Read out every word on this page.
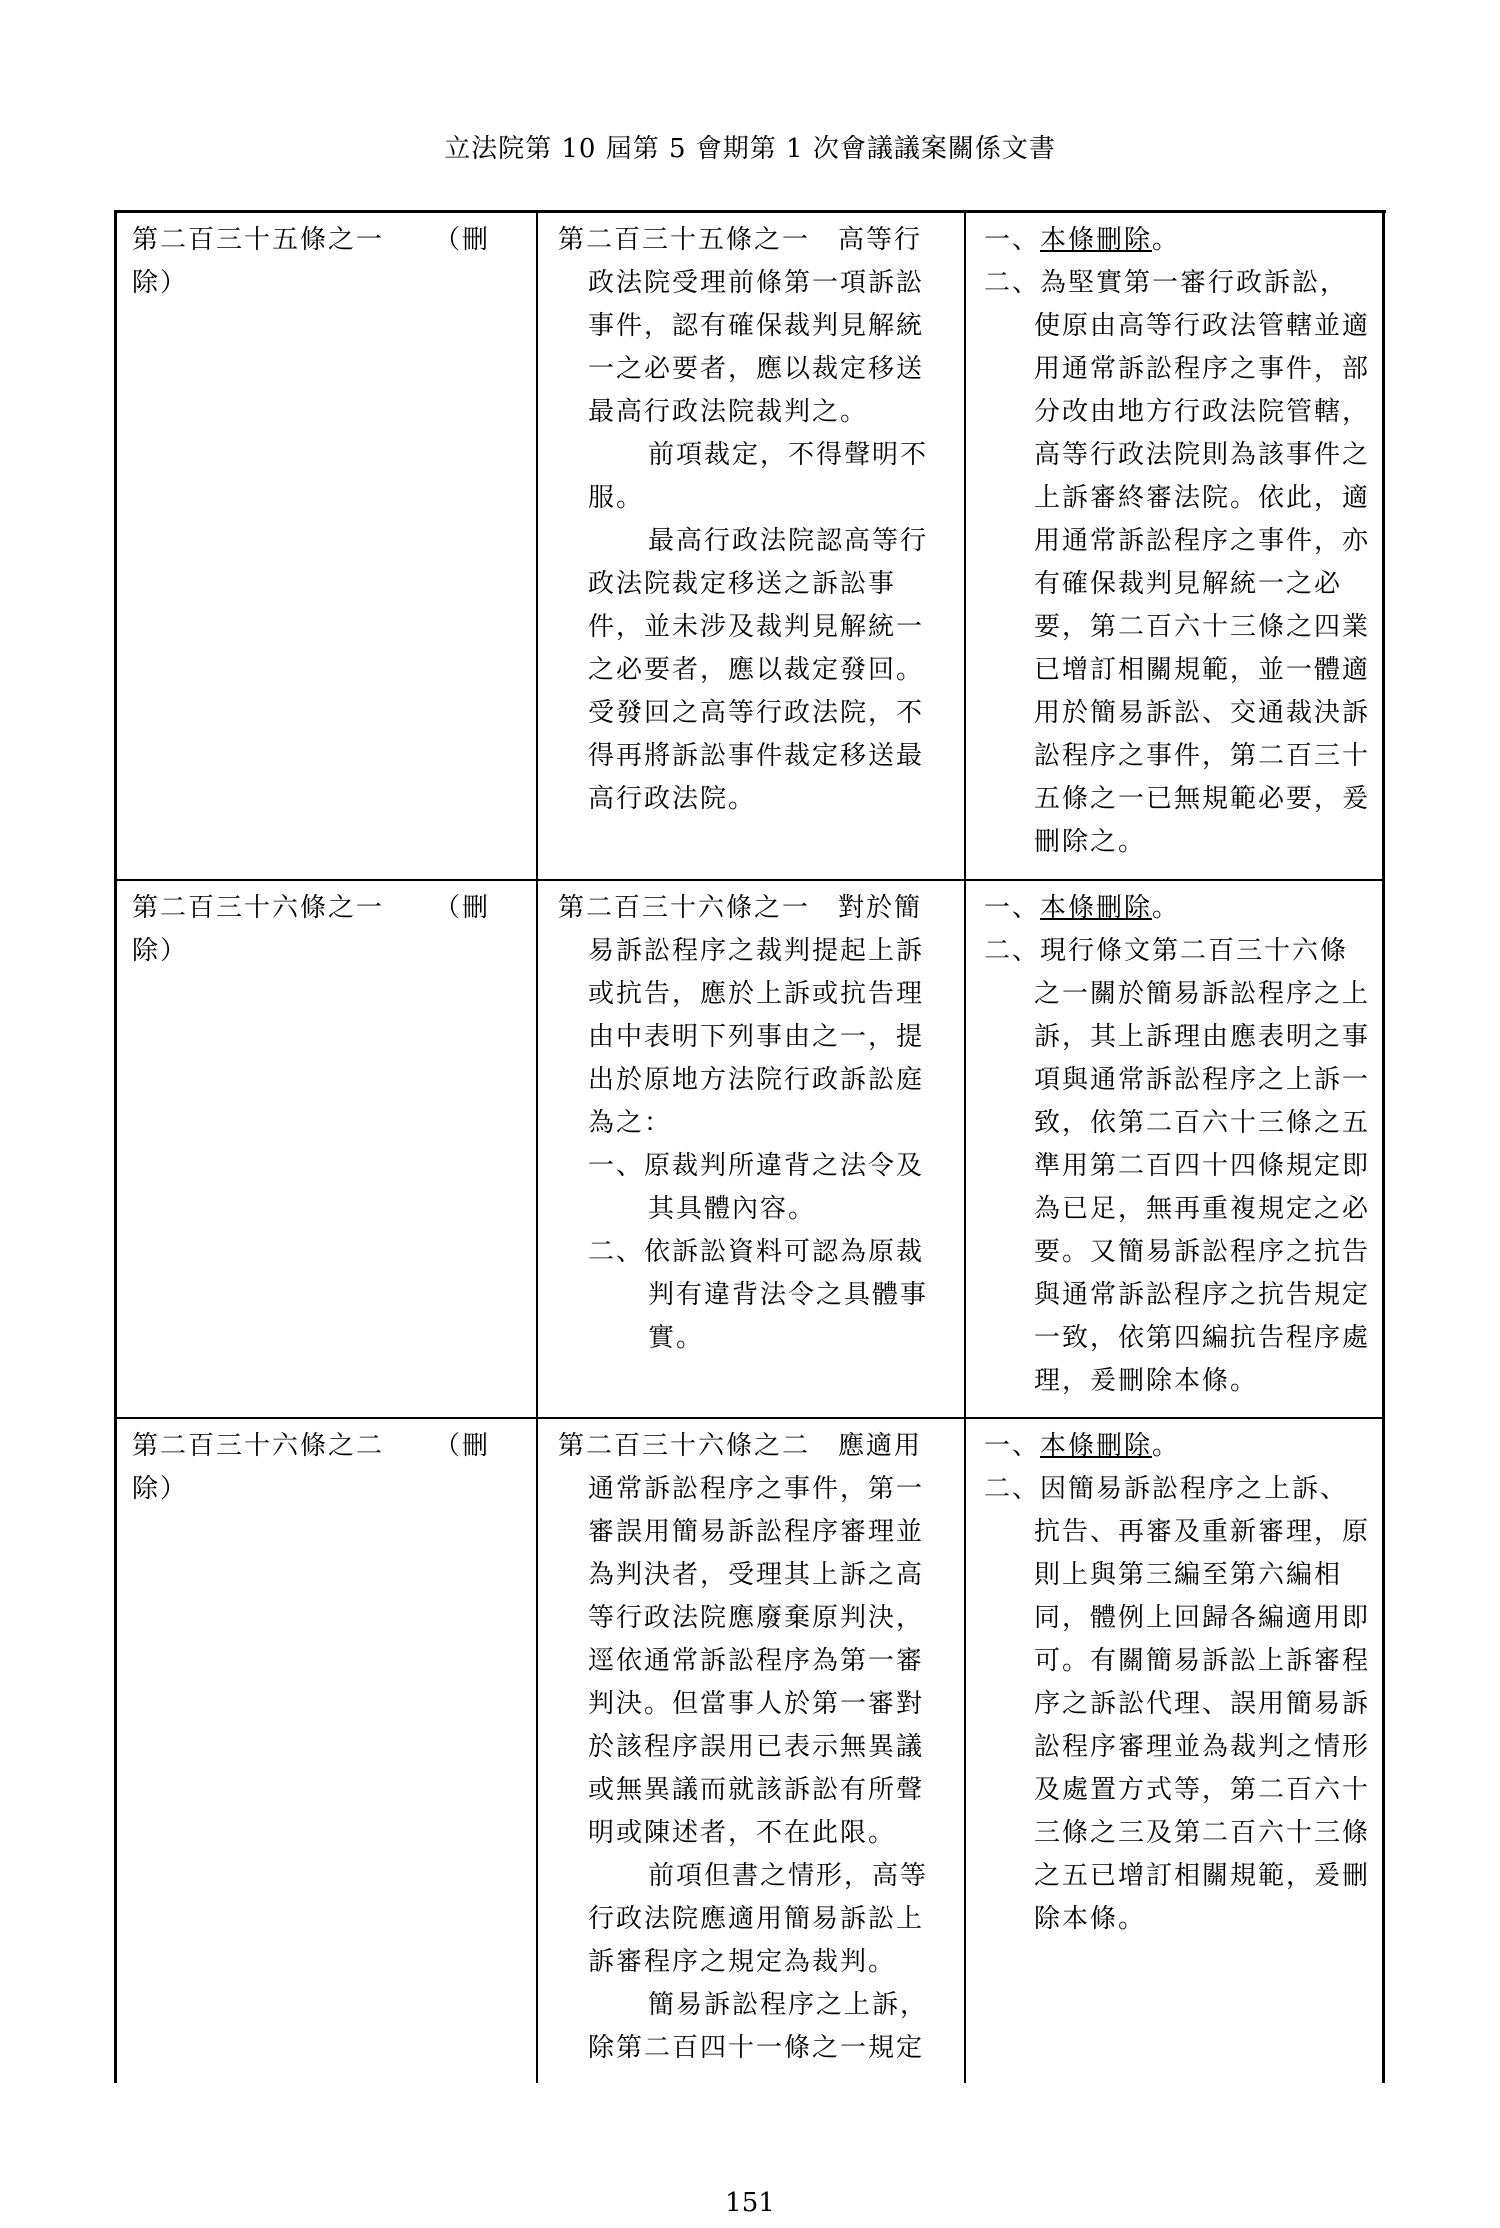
立法院第 10 屆第 5 會期第 1 次會議議案關係文書
第二百三十五條之一 （刪除）

第二百三十五條之一　高等行

政法院受理前條第一項訴訟事件，認有確保裁判見解統一之必要者，應以裁定移送最高行政法院裁判之。

前項裁定，不得聲明不服。

最高行政法院認高等行政法院裁定移送之訴訟事件，並未涉及裁判見解統一之必要者，應以裁定發回。受發回之高等行政法院，不得再將訴訟事件裁定移送最高行政法院。

一、本條刪除。

二、為堅實第一審行政訴訟，使原由高等行政法管轄並適用通常訴訟程序之事件，部分改由地方行政法院管轄，高等行政法院則為該事件之上訴審終審法院。依此，適用通常訴訟程序之事件，亦有確保裁判見解統一之必要，第二百六十三條之四業已增訂相關規範，並一體適用於簡易訴訟、交通裁決訴訟程序之事件，第二百三十五條之一已無規範必要，爰刪除之。

第二百三十六條之一 （刪除）

第二百三十六條之一　對於簡

易訴訟程序之裁判提起上訴或抗告，應於上訴或抗告理由中表明下列事由之一，提出於原地方法院行政訴訟庭為之：

一、原裁判所違背之法令及其具體內容。

二、依訴訟資料可認為原裁判有違背法令之具體事實。

一、本條刪除。

二、現行條文第二百三十六條之一關於簡易訴訟程序之上訴，其上訴理由應表明之事項與通常訴訟程序之上訴一致，依第二百六十三條之五準用第二百四十四條規定即為已足，無再重複規定之必要。又簡易訴訟程序之抗告與通常訴訟程序之抗告規定一致，依第四編抗告程序處理，爰刪除本條。

第二百三十六條之二 （刪除）

第二百三十六條之二　應適用

通常訴訟程序之事件，第一審誤用簡易訴訟程序審理並為判決者，受理其上訴之高等行政法院應廢棄原判決，逕依通常訴訟程序為第一審判決。但當事人於第一審對於該程序誤用已表示無異議或無異議而就該訴訟有所聲明或陳述者，不在此限。

前項但書之情形，高等行政法院應適用簡易訴訟上訴審程序之規定為裁判。

簡易訴訟程序之上訴，除第二百四十一條之一規定

一、本條刪除。

二、因簡易訴訟程序之上訴、抗告、再審及重新審理，原則上與第三編至第六編相同，體例上回歸各編適用即可。有關簡易訴訟上訴審程序之訴訟代理、誤用簡易訴訟程序審理並為裁判之情形及處置方式等，第二百六十三條之三及第二百六十三條之五已增訂相關規範，爰刪除本條。

151
